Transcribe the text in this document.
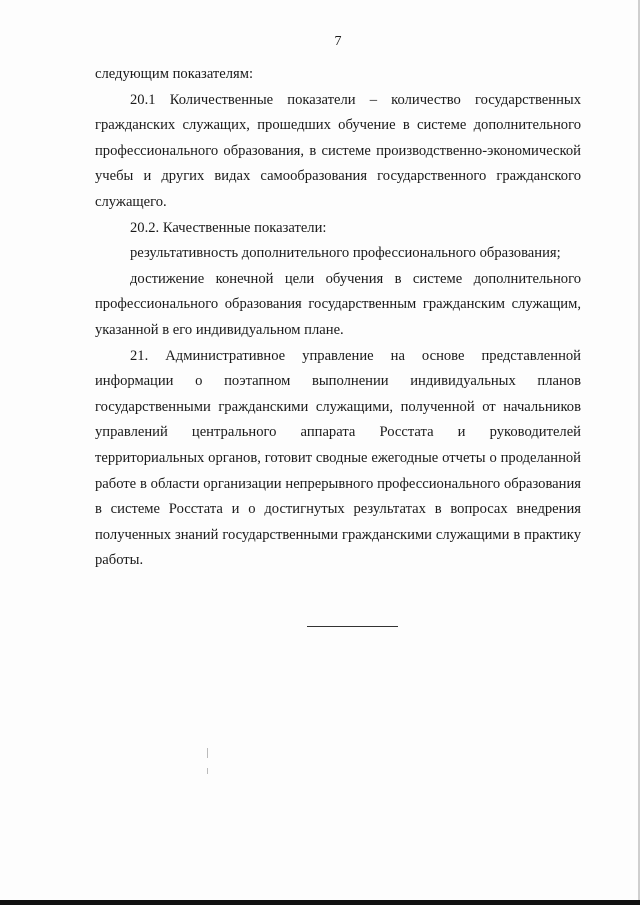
7

следующим показателям:

20.1 Количественные показатели – количество государственных гражданских служащих, прошедших обучение в системе дополнительного профессионального образования, в системе производственно-экономической учебы и других видах самообразования государственного гражданского служащего.

20.2. Качественные показатели:

результативность дополнительного профессионального образования;

достижение конечной цели обучения в системе дополнительного профессионального образования государственным гражданским служащим, указанной в его индивидуальном плане.

21. Административное управление на основе представленной информации о поэтапном выполнении индивидуальных планов государственными гражданскими служащими, полученной от начальников управлений центрального аппарата Росстата и руководителей территориальных органов, готовит сводные ежегодные отчеты о проделанной работе в области организации непрерывного профессионального образования в системе Росстата и о достигнутых результатах в вопросах внедрения полученных знаний государственными гражданскими служащими в практику работы.
